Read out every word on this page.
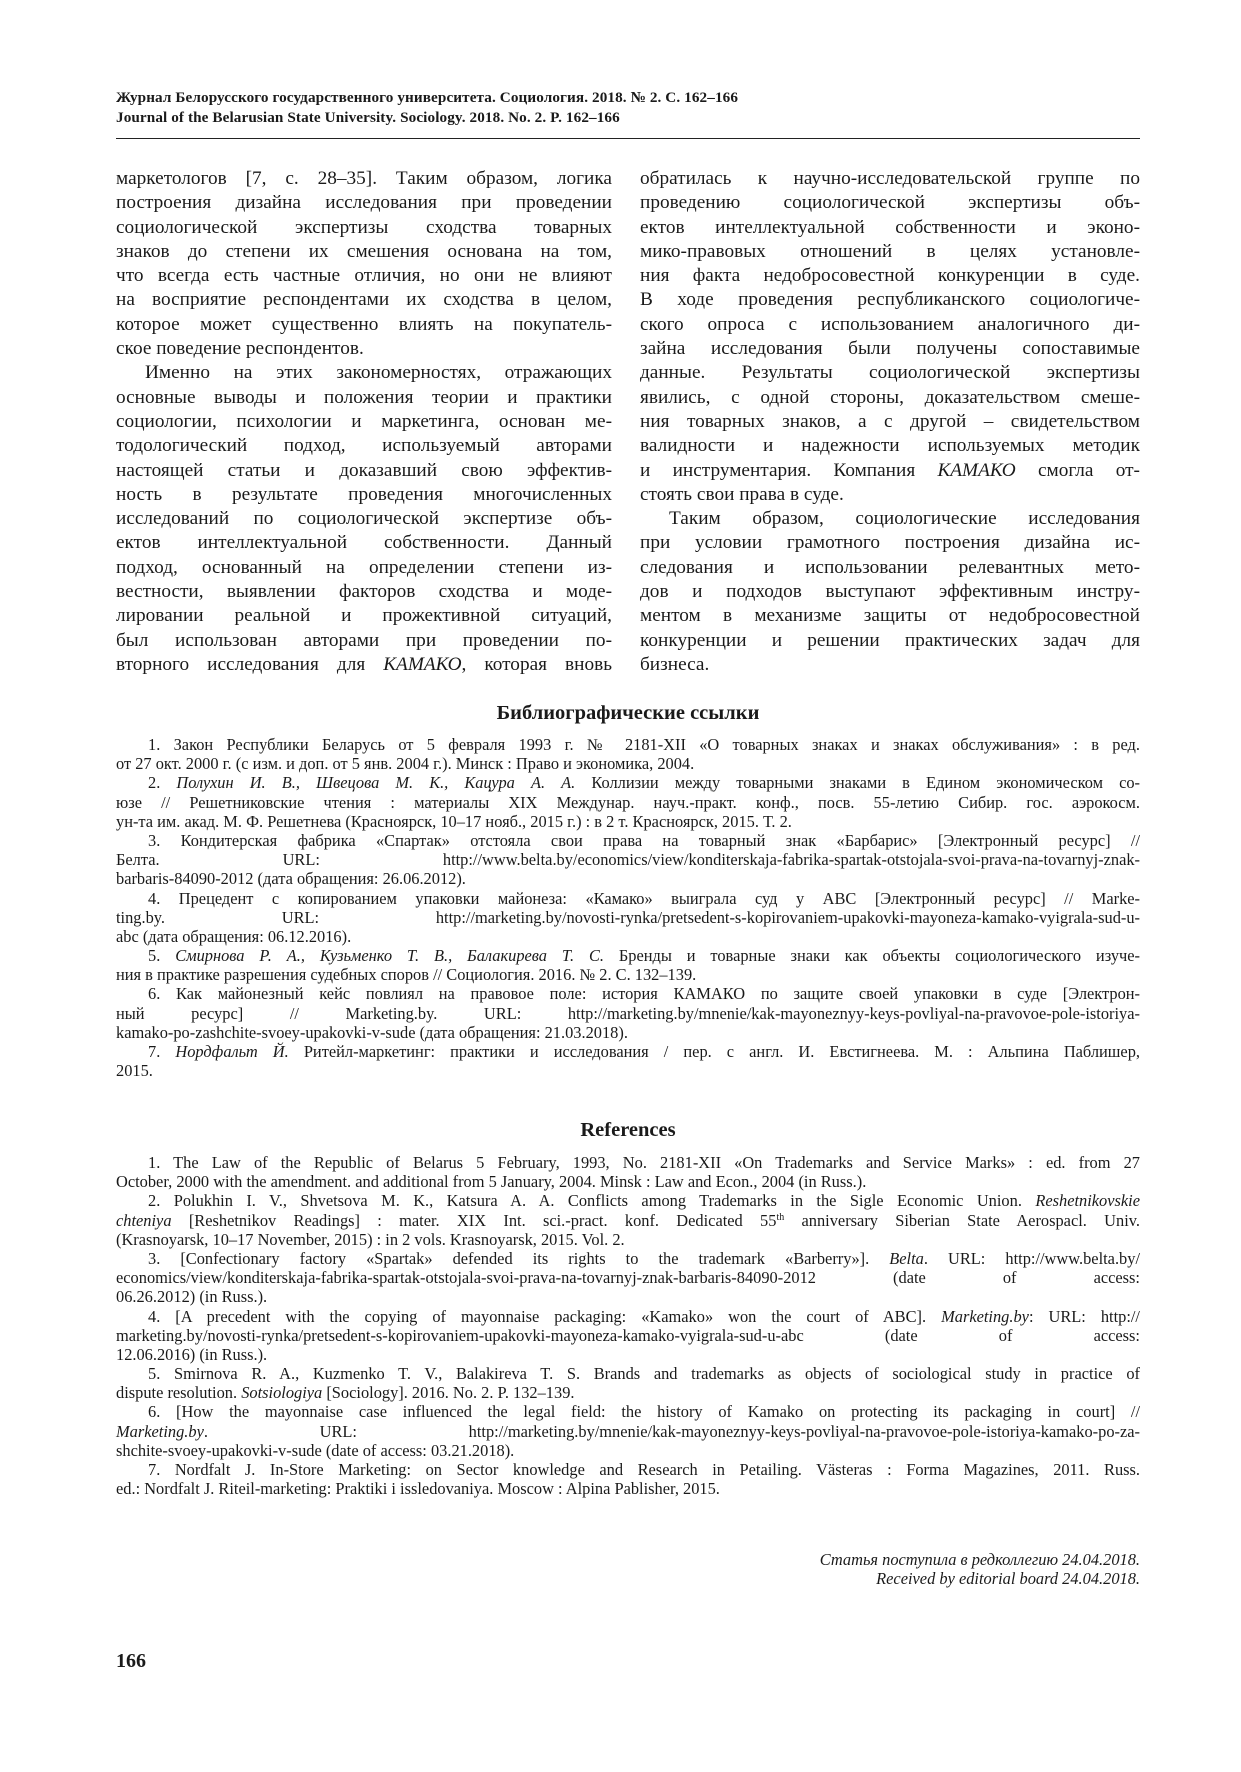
Журнал Белорусского государственного университета. Социология. 2018. № 2. С. 162–166
Journal of the Belarusian State University. Sociology. 2018. No. 2. P. 162–166
маркетологов [7, с. 28–35]. Таким образом, логика
построения дизайна исследования при проведении
социологической экспертизы сходства товарных
знаков до степени их смешения основана на том,
что всегда есть частные отличия, но они не влияют
на восприятие респондентами их сходства в целом,
которое может существенно влиять на покупатель-
ское поведение респондентов.
Именно на этих закономерностях, отражающих
основные выводы и положения теории и практики
социологии, психологии и маркетинга, основан ме-
тодологический подход, используемый авторами
настоящей статьи и доказавший свою эффектив-
ность в результате проведения многочисленных
исследований по социологической экспертизе объ-
ектов интеллектуальной собственности. Данный
подход, основанный на определении степени из-
вестности, выявлении факторов сходства и моде-
лировании реальной и прожективной ситуаций,
был использован авторами при проведении по-
вторного исследования для КАМАКО, которая вновь
обратилась к научно-исследовательской группе по
проведению социологической экспертизы объ-
ектов интеллектуальной собственности и эконо-
мико-правовых отношений в целях установле-
ния факта недобросовестной конкуренции в суде.
В ходе проведения республиканского социологиче-
ского опроса с использованием аналогичного ди-
зайна исследования были получены сопоставимые
данные. Результаты социологической экспертизы
явились, с одной стороны, доказательством смеше-
ния товарных знаков, а с другой – свидетельством
валидности и надежности используемых методик
и инструментария. Компания КАМАКО смогла от-
стоять свои права в суде.
Таким образом, социологические исследования
при условии грамотного построения дизайна ис-
следования и использовании релевантных мето-
дов и подходов выступают эффективным инстру-
ментом в механизме защиты от недобросовестной
конкуренции и решении практических задач для
бизнеса.
Библиографические ссылки
1. Закон Республики Беларусь от 5 февраля 1993 г. № 2181-XII «О товарных знаках и знаках обслуживания» : в ред.
от 27 окт. 2000 г. (с изм. и доп. от 5 янв. 2004 г.). Минск : Право и экономика, 2004.
2. Полухин И. В., Швецова М. К., Кацура А. А. Коллизии между товарными знаками в Едином экономическом со-
юзе // Решетниковские чтения : материалы XIX Междунар. науч.-практ. конф., посв. 55-летию Сибир. гос. аэрокосм.
ун-та им. акад. М. Ф. Решетнева (Красноярск, 10–17 нояб., 2015 г.) : в 2 т. Красноярск, 2015. Т. 2.
3. Кондитерская фабрика «Спартак» отстояла свои права на товарный знак «Барбарис» [Электронный ресурс] //
Белта. URL: http://www.belta.by/economics/view/konditerskaja-fabrika-spartak-otstojala-svoi-prava-na-tovarnyj-znak-
barbaris-84090-2012 (дата обращения: 26.06.2012).
4. Прецедент с копированием упаковки майонеза: «Камако» выиграла суд у ABC [Электронный ресурс] // Marke-
ting.by. URL: http://marketing.by/novosti-rynka/pretsedent-s-kopirovaniem-upakovki-mayoneza-kamako-vyigrala-sud-u-
abc (дата обращения: 06.12.2016).
5. Смирнова Р. А., Кузьменко Т. В., Балакирева Т. С. Бренды и товарные знаки как объекты социологического изуче-
ния в практике разрешения судебных споров // Социология. 2016. № 2. С. 132–139.
6. Как майонезный кейс повлиял на правовое поле: история КАМАКО по защите своей упаковки в суде [Электрон-
ный ресурс] // Marketing.by. URL: http://marketing.by/mnenie/kak-mayoneznyy-keys-povliyal-na-pravovoe-pole-istoriya-
kamako-po-zashchite-svoey-upakovki-v-sude (дата обращения: 21.03.2018).
7. Нордфальт Й. Ритейл-маркетинг: практики и исследования / пер. с англ. И. Евстигнеева. М. : Альпина Паблишер,
2015.
References
1. The Law of the Republic of Belarus 5 February, 1993, No. 2181-XII «On Trademarks and Service Marks» : ed. from 27
October, 2000 with the amendment. and additional from 5 January, 2004. Minsk : Law and Econ., 2004 (in Russ.).
2. Polukhin I. V., Shvetsova M. K., Katsura A. A. Conflicts among Trademarks in the Sigle Economic Union. Reshetnikovskie
chteniya [Reshetnikov Readings] : mater. XIX Int. sci.-pract. konf. Dedicated 55th anniversary Siberian State Aerospacl. Univ.
(Krasnoyarsk, 10–17 November, 2015) : in 2 vols. Krasnoyarsk, 2015. Vol. 2.
3. [Confectionary factory «Spartak» defended its rights to the trademark «Barberry»]. Belta. URL: http://www.belta.by/
economics/view/konditerskaja-fabrika-spartak-otstojala-svoi-prava-na-tovarnyj-znak-barbaris-84090-2012 (date of access:
06.26.2012) (in Russ.).
4. [A precedent with the copying of mayonnaise packaging: «Kamako» won the court of ABC]. Marketing.by: URL: http://
marketing.by/novosti-rynka/pretsedent-s-kopirovaniem-upakovki-mayoneza-kamako-vyigrala-sud-u-abc (date of access:
12.06.2016) (in Russ.).
5. Smirnova R. A., Kuzmenko T. V., Balakireva T. S. Brands and trademarks as objects of sociological study in practice of
dispute resolution. Sotsiologiya [Sociology]. 2016. No. 2. P. 132–139.
6. [How the mayonnaise case influenced the legal field: the history of Kamako on protecting its packaging in court] //
Marketing.by. URL: http://marketing.by/mnenie/kak-mayoneznyy-keys-povliyal-na-pravovoe-pole-istoriya-kamako-po-za-
shchite-svoey-upakovki-v-sude (date of access: 03.21.2018).
7. Nordfalt J. In-Store Marketing: on Sector knowledge and Research in Petailing. Västeras : Forma Magazines, 2011. Russ.
ed.: Nordfalt J. Riteil-marketing: Praktiki i issledovaniya. Moscow : Alpina Pablisher, 2015.
Статья поступила в редколлегию 24.04.2018.
Received by editorial board 24.04.2018.
166
